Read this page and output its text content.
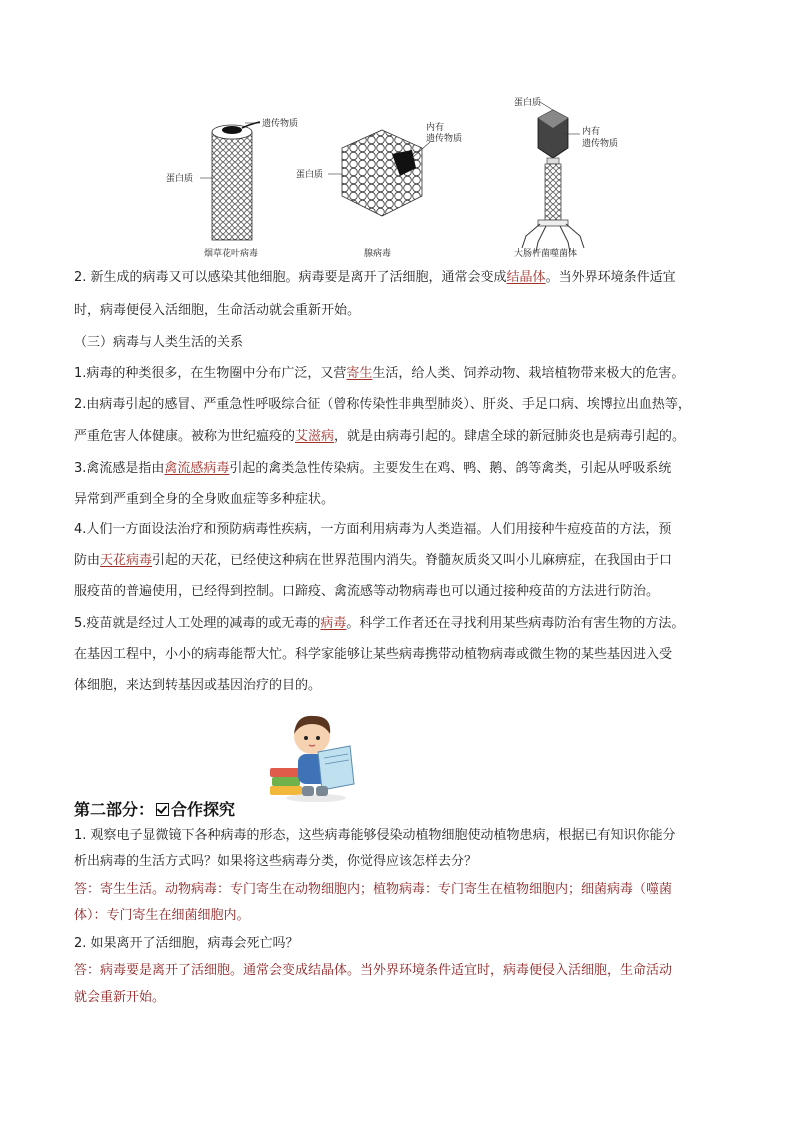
遗传物质
蛋白质
烟草花叶病毒
蛋白质
内有
遗传物质
腺病毒
蛋白质
内有
遗传物质
大肠杆菌噬菌体
2. 新生成的病毒又可以感染其他细胞。病毒要是离开了活细胞，通常会变成结晶体。当外界环境条件适宜
时，病毒便侵入活细胞，生命活动就会重新开始。
（三）病毒与人类生活的关系
1.病毒的种类很多，在生物圈中分布广泛，又营寄生生活，给人类、饲养动物、栽培植物带来极大的危害。
2.由病毒引起的感冒、严重急性呼吸综合征（曾称传染性非典型肺炎）、肝炎、手足口病、埃博拉出血热等，
严重危害人体健康。被称为世纪瘟疫的艾滋病，就是由病毒引起的。肆虐全球的新冠肺炎也是病毒引起的。
3.禽流感是指由禽流感病毒引起的禽类急性传染病。主要发生在鸡、鸭、鹅、鸽等禽类，引起从呼吸系统
异常到严重到全身的全身败血症等多种症状。
4.人们一方面设法治疗和预防病毒性疾病，一方面利用病毒为人类造福。人们用接种牛痘疫苗的方法，预
防由天花病毒引起的天花，已经使这种病在世界范围内消失。脊髓灰质炎又叫小儿麻痹症，在我国由于口
服疫苗的普遍使用，已经得到控制。口蹄疫、禽流感等动物病毒也可以通过接种疫苗的方法进行防治。
5.疫苗就是经过人工处理的减毒的或无毒的病毒。科学工作者还在寻找利用某些病毒防治有害生物的方法。
在基因工程中，小小的病毒能帮大忙。科学家能够让某些病毒携带动植物病毒或微生物的某些基因进入受
体细胞，来达到转基因或基因治疗的目的。
第二部分： 合作探究
1. 观察电子显微镜下各种病毒的形态，这些病毒能够侵染动植物细胞使动植物患病，根据已有知识你能分
析出病毒的生活方式吗？如果将这些病毒分类，你觉得应该怎样去分？
答：寄生生活。动物病毒：专门寄生在动物细胞内；植物病毒：专门寄生在植物细胞内；细菌病毒（噬菌
体）：专门寄生在细菌细胞内。
2. 如果离开了活细胞，病毒会死亡吗？
答：病毒要是离开了活细胞。通常会变成结晶体。当外界环境条件适宜时，病毒便侵入活细胞，生命活动
就会重新开始。
